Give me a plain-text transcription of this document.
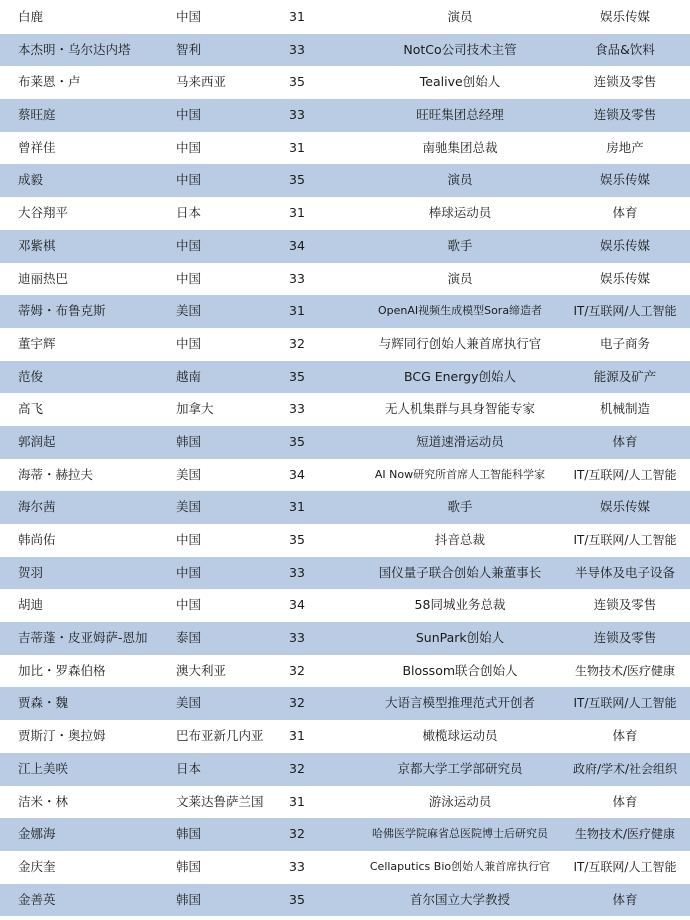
白鹿	中国	31	演员	娱乐传媒
本杰明・乌尔达内塔	智利	33	NotCo公司技术主管	食品&饮料
布莱恩・卢	马来西亚	35	Tealive创始人	连锁及零售
蔡旺庭	中国	33	旺旺集团总经理	连锁及零售
曾祥佳	中国	31	南驰集团总裁	房地产
成毅	中国	35	演员	娱乐传媒
大谷翔平	日本	31	棒球运动员	体育
邓紫棋	中国	34	歌手	娱乐传媒
迪丽热巴	中国	33	演员	娱乐传媒
蒂姆・布鲁克斯	美国	31	OpenAI视频生成模型Sora缔造者	IT/互联网/人工智能
董宇辉	中国	32	与辉同行创始人兼首席执行官	电子商务
范俊	越南	35	BCG Energy创始人	能源及矿产
高飞	加拿大	33	无人机集群与具身智能专家	机械制造
郭润起	韩国	35	短道速滑运动员	体育
海蒂・赫拉夫	美国	34	AI Now研究所首席人工智能科学家	IT/互联网/人工智能
海尔茜	美国	31	歌手	娱乐传媒
韩尚佑	中国	35	抖音总裁	IT/互联网/人工智能
贺羽	中国	33	国仪量子联合创始人兼董事长	半导体及电子设备
胡迪	中国	34	58同城业务总裁	连锁及零售
吉蒂蓬・皮亚姆萨-恩加	泰国	33	SunPark创始人	连锁及零售
加比・罗森伯格	澳大利亚	32	Blossom联合创始人	生物技术/医疗健康
贾森・魏	美国	32	大语言模型推理范式开创者	IT/互联网/人工智能
贾斯汀・奥拉姆	巴布亚新几内亚	31	橄榄球运动员	体育
江上美咲	日本	32	京都大学工学部研究员	政府/学术/社会组织
洁米・林	文莱达鲁萨兰国	31	游泳运动员	体育
金娜海	韩国	32	哈佛医学院麻省总医院博士后研究员	生物技术/医疗健康
金庆奎	韩国	33	Cellaputics Bio创始人兼首席执行官	IT/互联网/人工智能
金善英	韩国	35	首尔国立大学教授	体育
